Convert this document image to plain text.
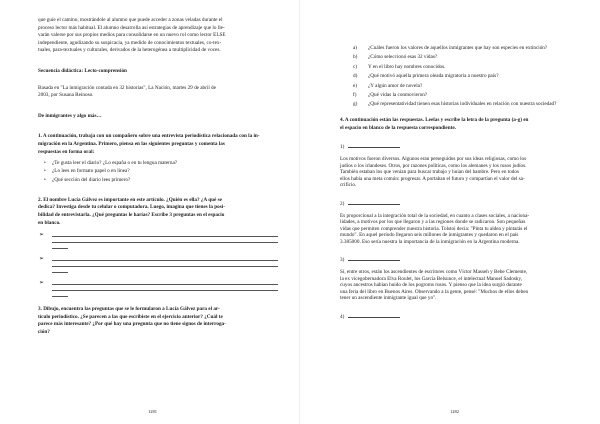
que guíe el camino, mostrándole al alumno que puede acceder a zonas veladas durante el

proceso lector más habitual. El alumno desarrolla así estrategias de aprendizaje que lo lle-

varán valerse por sus propios medios para consolidarse en un nuevo rol como lector ELSE

independiente, agudizando su suspicacia, ya medido de conocimientos textuales, co-tex-

tuales, para-textuales y culturales, derivados de la heterogénea a multiplicidad de voces.

Secuencia didáctica: Lecto-comprensión

Basada en "La inmigración contada en 32 historias", La Nación, martes 29 de abril de

2003, por Susana Reinoso.

De inmigrantes y algo más…

1. A continuación, trabaja con un compañero sobre una entrevista periodística relacionada con la in-

migración en la Argentina. Primero, piensa en las siguientes preguntas y comenta las

respuestas en forma oral:

• ¿Te gusta leer el diario? ¿Lo españa o en tu lengua materna?
• ¿Lo lees en formato papel o en línea?
• ¿Qué sección del diario lees primero?

2. El nombre Lucía Gálvez es importante en este artículo. ¿Quién es ella? ¿A qué se

dedica? Investiga desde tu celular o computadora. Luego, imagina que tienes la posi-

bilidad de entrevistarla. ¿Qué preguntas le harías? Escribe 3 preguntas en el espacio

en blanco.

➢
➢
➢

3. Dibujo, encuentra las preguntas que se le formularon a Lucía Gálvez para el ar-

tículo periodístico. ¿Se parecen a las que escribiste en el ejercicio anterior? ¿Cuál te

parece más interesante? ¿Por qué hay una pregunta que no tiene signos de interroga-

ción?

1281
a) ¿Cuáles fueron los valores de aquellos inmigrantes que hay son especies en extinción?
b) ¿Cómo seleccionó esas 32 vidas?
c) Y en el libro hay nombres conocidos.
d) ¿Qué motivó aquella primera oleada migratoria a nuestro país?
e) ¿Y algún amor de novela?
f) ¿Qué vidas la conmovieron?
g) ¿Qué representatividad tienen esas historias individuales en relación con nuestra sociedad?

4. A continuación están las respuestas. Leelas y escribe la letra de la pregunta (a-g) en

el espacio en blanco de la respuesta correspondiente.

1)

Los motivos fueron diversos. Algunos eran perseguidos por sus ideas religiosas, como los

judíos o los irlandeses. Otros, por razones políticas, como los alemanes y los rusos judíos.

También estaban los que venían para buscar trabajo y huían del hambre. Pero en todos

ellos había una meta común: progresar. A portaban el futuro y compartían el valor del sa-

crificio.

2)

Es proporcional a la integración total de la sociedad, en cuanto a clases sociales, a naciona-

lidades, a motivos por los que llegaron y a las regiones donde se radicaron. Son pequeñas

vidas que permiten comprender nuestra historia. Tolstoi decía: "Pinta tu aldea y pintarás el

mundo". En aquel período llegaron seis millones de inmigrantes y quedaron en el país

3.385000. Eso sería nuestra la importancia de la inmigración en la Argentina moderna.

3)

Sí, entre otros, están los ascendientes de escritores como Víctor Masseh y Bebe Clemente,

la ex vicegobernadora Elva Roulet, los García Belsunce, el intelectual Manuel Sadosky,

cuyos ancestros habían huido de los pogroms rusos. Y pienso que la idea surgió durante

una feria del libro en Buenos Aires. Observando a la gente, pensé: "Muchos de ellos deben

tener un ascendiente inmigrante igual que yo".

4)

1282
